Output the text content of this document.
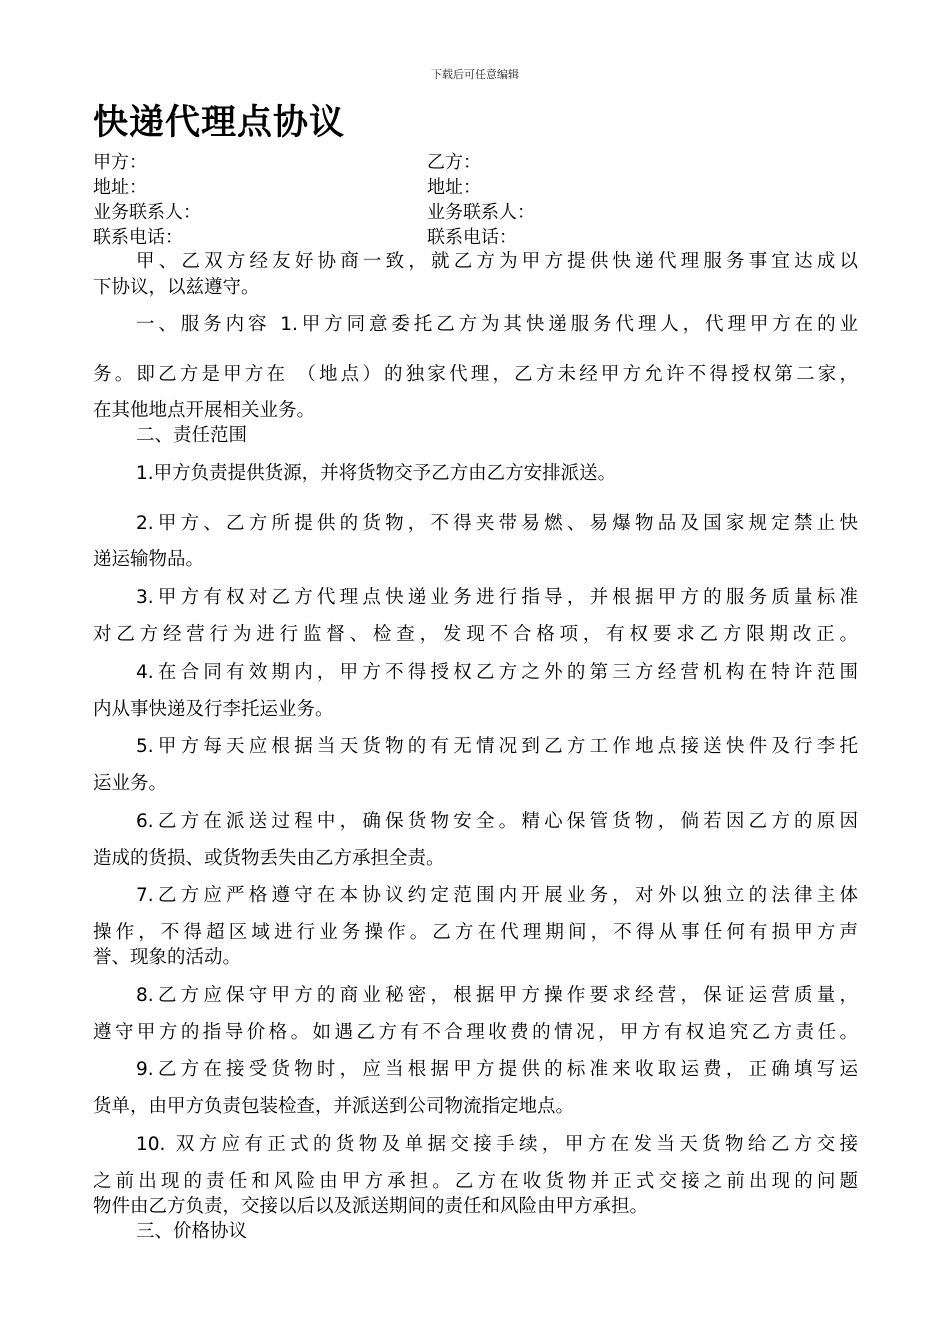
下载后可任意编辑
快递代理点协议
甲方：	乙方：
地址：	地址：
业务联系人：	业务联系人：
联系电话：	联系电话：
甲、乙双方经友好协商一致，就乙方为甲方提供快递代理服务事宜达成以
下协议，以兹遵守。
一、服务内容 1.甲方同意委托乙方为其快递服务代理人，代理甲方在的业
务。即乙方是甲方在 （地点）的独家代理，乙方未经甲方允许不得授权第二家，
在其他地点开展相关业务。
二、责任范围
1.甲方负责提供货源，并将货物交予乙方由乙方安排派送。
2.甲方、乙方所提供的货物，不得夹带易燃、易爆物品及国家规定禁止快
递运输物品。
3.甲方有权对乙方代理点快递业务进行指导，并根据甲方的服务质量标准
对乙方经营行为进行监督、检查，发现不合格项，有权要求乙方限期改正。
4.在合同有效期内，甲方不得授权乙方之外的第三方经营机构在特许范围
内从事快递及行李托运业务。
5.甲方每天应根据当天货物的有无情况到乙方工作地点接送快件及行李托
运业务。
6.乙方在派送过程中，确保货物安全。精心保管货物，倘若因乙方的原因
造成的货损、或货物丢失由乙方承担全责。
7.乙方应严格遵守在本协议约定范围内开展业务，对外以独立的法律主体
操作，不得超区域进行业务操作。乙方在代理期间，不得从事任何有损甲方声
誉、现象的活动。
8.乙方应保守甲方的商业秘密，根据甲方操作要求经营，保证运营质量，
遵守甲方的指导价格。如遇乙方有不合理收费的情况，甲方有权追究乙方责任。
9.乙方在接受货物时，应当根据甲方提供的标准来收取运费，正确填写运
货单，由甲方负责包装检查，并派送到公司物流指定地点。
10. 双方应有正式的货物及单据交接手续，甲方在发当天货物给乙方交接
之前出现的责任和风险由甲方承担。乙方在收货物并正式交接之前出现的问题
物件由乙方负责，交接以后以及派送期间的责任和风险由甲方承担。
三、价格协议
